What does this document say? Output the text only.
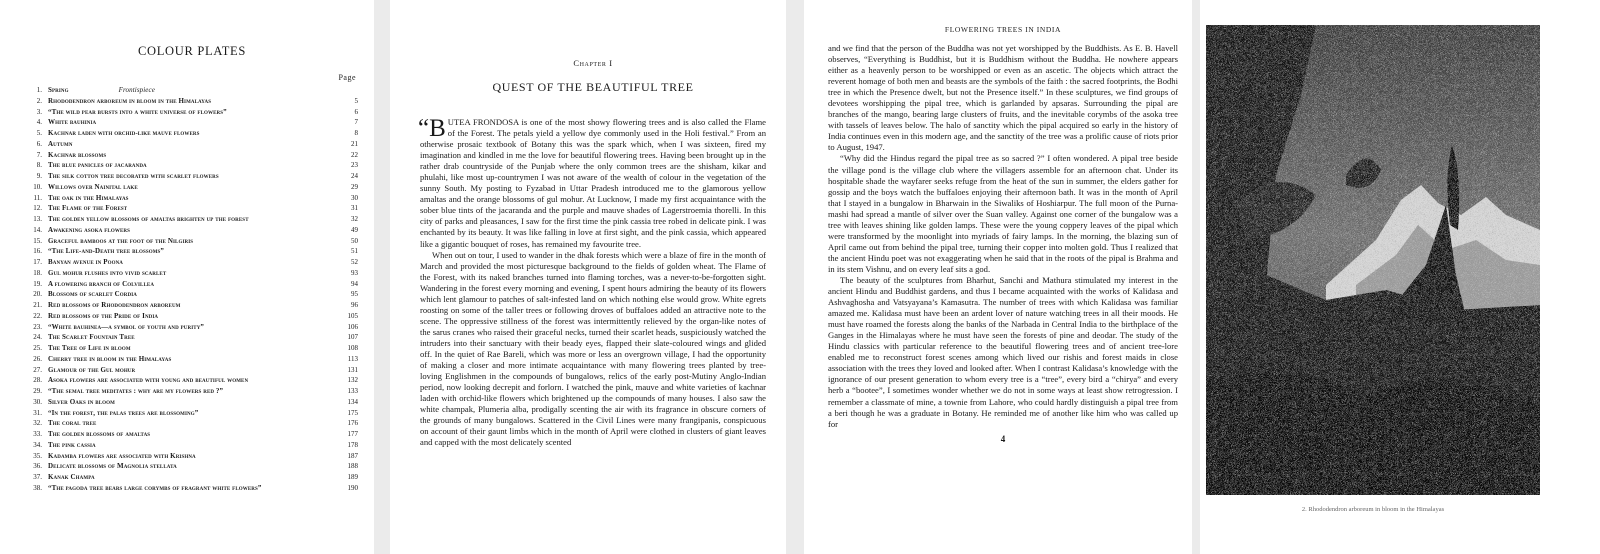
COLOUR PLATES
Page
1. Spring	Frontispiece
2. Rhododendron arboreum in bloom in the Himalayas	5
3. “The wild pear bursts into a white universe of flowers”	6
4. White bauhinia	7
5. Kachnar laden with orchid-like mauve flowers	8
6. Autumn	21
7. Kachnar blossoms	22
8. The blue panicles of jacaranda	23
9. The silk cotton tree decorated with scarlet flowers	24
10. Willows over Nainital lake	29
11. The oak in the Himalayas	30
12. The Flame of the Forest	31
13. The golden yellow blossoms of amaltas brighten up the forest	32
14. Awakening asoka flowers	49
15. Graceful bamboos at the foot of the Nilgiris	50
16. “The Life-and-Death tree blossoms”	51
17. Banyan avenue in Poona	52
18. Gul mohur flushes into vivid scarlet	93
19. A flowering branch of Colvillea	94
20. Blossoms of scarlet Cordia	95
21. Red blossoms of Rhododendron arboreum	96
22. Red blossoms of the Pride of India	105
23. “White bauhinea—a symbol of youth and purity”	106
24. The Scarlet Fountain Tree	107
25. The Tree of Life in bloom	108
26. Cherry tree in bloom in the Himalayas	113
27. Glamour of the Gul mohur	131
28. Asoka flowers are associated with young and beautiful women	132
29. “The semal tree meditates : why are my flowers red ?”	133
30. Silver Oaks in bloom	134
31. “In the forest, the palas trees are blossoming”	175
32. The coral tree	176
33. The golden blossoms of amaltas	177
34. The pink cassia	178
35. Kadamba flowers are associated with Krishna	187
36. Delicate blossoms of Magnolia stellata	188
37. Kanak Champa	189
38. “The pagoda tree bears large corymbs of fragrant white flowers”	190
Chapter I
QUEST OF THE BEAUTIFUL TREE

“BUTEA FRONDOSA is one of the most showy flowering trees and is also called the Flame of the Forest. The petals yield a yellow dye commonly used in the Holi festival.” From an otherwise prosaic textbook of Botany this was the spark which, when I was sixteen, fired my imagination and kindled in me the love for beautiful flowering trees. Having been brought up in the rather drab countryside of the Punjab where the only common trees are the shisham, kikar and phulahi, like most up-countrymen I was not aware of the wealth of colour in the vegetation of the sunny South. My posting to Fyzabad in Uttar Pradesh introduced me to the glamorous yellow amaltas and the orange blossoms of gul mohur. At Lucknow, I made my first acquaintance with the sober blue tints of the jacaranda and the purple and mauve shades of Lagerstroemia thorelli. In this city of parks and pleasances, I saw for the first time the pink cassia tree robed in delicate pink. I was enchanted by its beauty. It was like falling in love at first sight, and the pink cassia, which appeared like a gigantic bouquet of roses, has remained my favourite tree.

When out on tour, I used to wander in the dhak forests which were a blaze of fire in the month of March and provided the most picturesque background to the fields of golden wheat. The Flame of the Forest, with its naked branches turned into flaming torches, was a never-to-be-forgotten sight. Wandering in the forest every morning and evening, I spent hours admiring the beauty of its flowers which lent glamour to patches of salt-infested land on which nothing else would grow. White egrets roosting on some of the taller trees or following droves of buffaloes added an attractive note to the scene. The oppressive stillness of the forest was intermittently relieved by the organ-like notes of the sarus cranes who raised their graceful necks, turned their scarlet heads, suspiciously watched the intruders into their sanctuary with their beady eyes, flapped their slate-coloured wings and glided off. In the quiet of Rae Bareli, which was more or less an overgrown village, I had the opportunity of making a closer and more intimate acquaintance with many flowering trees planted by tree-loving Englishmen in the compounds of bungalows, relics of the early post-Mutiny Anglo-Indian period, now looking decrepit and forlorn. I watched the pink, mauve and white varieties of kachnar laden with orchid-like flowers which brightened up the compounds of many houses. I also saw the white champak, Plumeria alba, prodigally scenting the air with its fragrance in obscure corners of the grounds of many bungalows. Scattered in the Civil Lines were many frangipanis, conspicuous on account of their gaunt limbs which in the month of April were clothed in clusters of giant leaves and capped with the most delicately scented

FLOWERING TREES IN INDIA

and we find that the person of the Buddha was not yet worshipped by the Buddhists. As E. B. Havell observes, “Everything is Buddhist, but it is Buddhism without the Buddha. He nowhere appears either as a heavenly person to be worshipped or even as an ascetic. The objects which attract the reverent homage of both men and beasts are the symbols of the faith : the sacred footprints, the Bodhi tree in which the Presence dwelt, but not the Presence itself.” In these sculptures, we find groups of devotees worshipping the pipal tree, which is garlanded by apsaras. Surrounding the pipal are branches of the mango, bearing large clusters of fruits, and the inevitable corymbs of the asoka tree with tassels of leaves below. The halo of sanctity which the pipal acquired so early in the history of India continues even in this modern age, and the sanctity of the tree was a prolific cause of riots prior to August, 1947.

“Why did the Hindus regard the pipal tree as so sacred ?” I often wondered. A pipal tree beside the village pond is the village club where the villagers assemble for an afternoon chat. Under its hospitable shade the wayfarer seeks refuge from the heat of the sun in summer, the elders gather for gossip and the boys watch the buffaloes enjoying their afternoon bath. It was in the month of April that I stayed in a bungalow in Bharwain in the Siwaliks of Hoshiarpur. The full moon of the Purna-mashi had spread a mantle of silver over the Suan valley. Against one corner of the bungalow was a tree with leaves shining like golden lamps. These were the young coppery leaves of the pipal which were transformed by the moonlight into myriads of fairy lamps. In the morning, the blazing sun of April came out from behind the pipal tree, turning their copper into molten gold. Thus I realized that the ancient Hindu poet was not exaggerating when he said that in the roots of the pipal is Brahma and in its stem Vishnu, and on every leaf sits a god.

The beauty of the sculptures from Bharhut, Sanchi and Mathura stimulated my interest in the ancient Hindu and Buddhist gardens, and thus I became acquainted with the works of Kalidasa and Ashvaghosha and Vatsyayana’s Kamasutra. The number of trees with which Kalidasa was familiar amazed me. Kalidasa must have been an ardent lover of nature watching trees in all their moods. He must have roamed the forests along the banks of the Narbada in Central India to the birthplace of the Ganges in the Himalayas where he must have seen the forests of pine and deodar. The study of the Hindu classics with particular reference to the beautiful flowering trees and of ancient tree-lore enabled me to reconstruct forest scenes among which lived our rishis and forest maids in close association with the trees they loved and looked after. When I contrast Kalidasa’s knowledge with the ignorance of our present generation to whom every tree is a “tree”, every bird a “chirya” and every herb a “bootee”, I sometimes wonder whether we do not in some ways at least show retrogression. I remember a classmate of mine, a townie from Lahore, who could hardly distinguish a pipal tree from a beri though he was a graduate in Botany. He reminded me of another like him who was called up for

4
2. Rhododendron arboreum in bloom in the Himalayas
